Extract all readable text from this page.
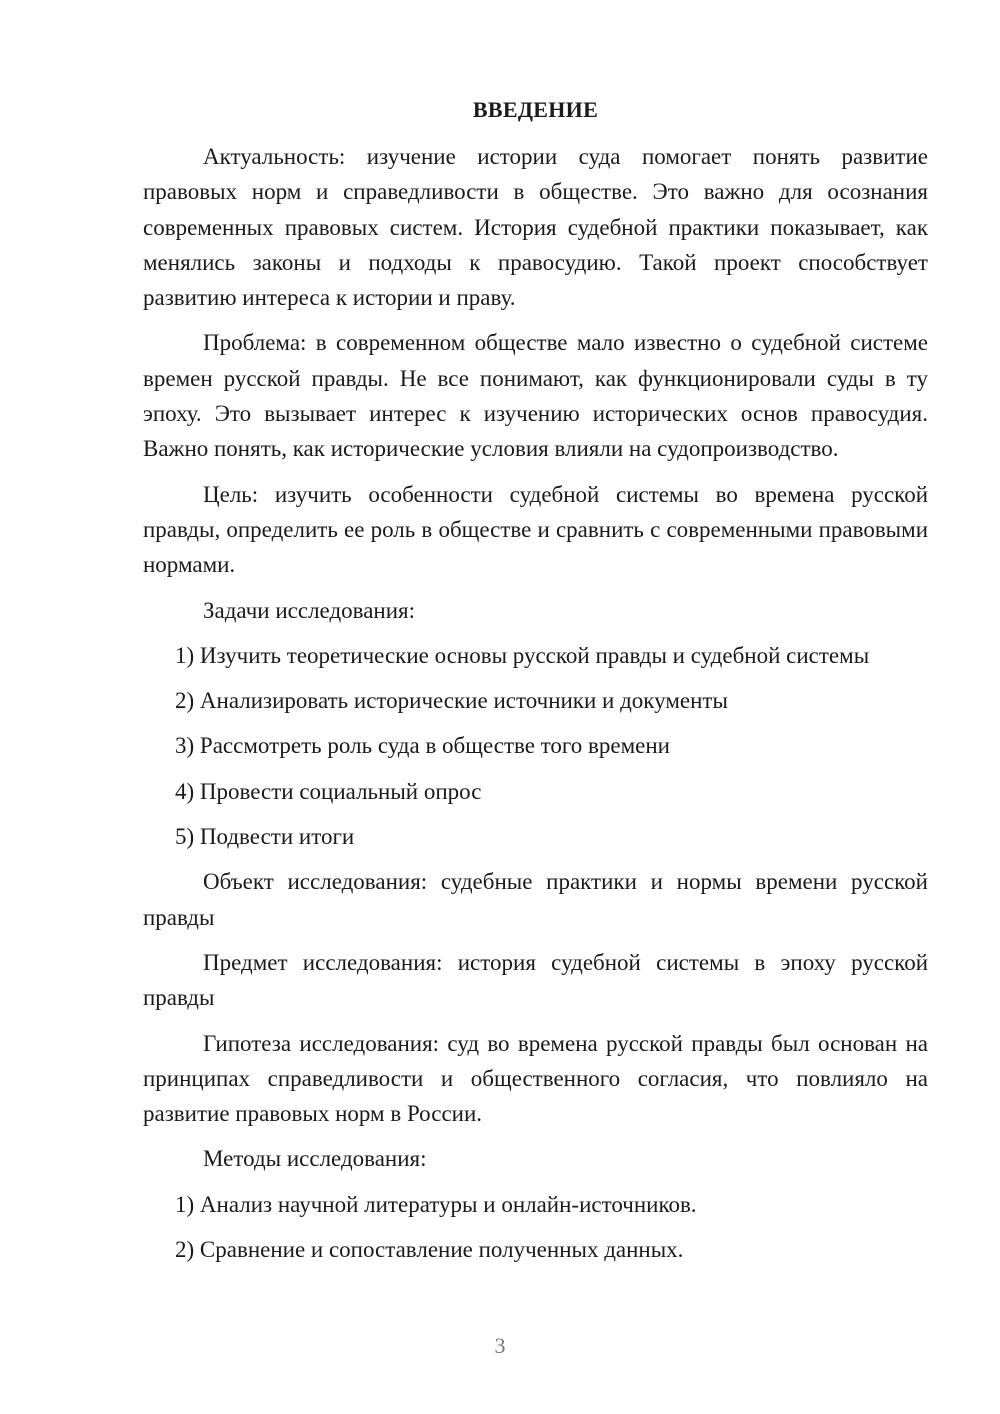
ВВЕДЕНИЕ

Актуальность: изучение истории суда помогает понять развитие правовых норм и справедливости в обществе. Это важно для осознания современных правовых систем. История судебной практики показывает, как менялись законы и подходы к правосудию. Такой проект способствует развитию интереса к истории и праву.

Проблема: в современном обществе мало известно о судебной системе времен русской правды. Не все понимают, как функционировали суды в ту эпоху. Это вызывает интерес к изучению исторических основ правосудия. Важно понять, как исторические условия влияли на судопроизводство.

Цель: изучить особенности судебной системы во времена русской правды, определить ее роль в обществе и сравнить с современными правовыми нормами.

Задачи исследования:

1) Изучить теоретические основы русской правды и судебной системы

2) Анализировать исторические источники и документы

3) Рассмотреть роль суда в обществе того времени

4) Провести социальный опрос

5) Подвести итоги

Объект исследования: судебные практики и нормы времени русской правды

Предмет исследования: история судебной системы в эпоху русской правды

Гипотеза исследования: суд во времена русской правды был основан на принципах справедливости и общественного согласия, что повлияло на развитие правовых норм в России.

Методы исследования:

1) Анализ научной литературы и онлайн-источников.

2) Сравнение и сопоставление полученных данных.

3
